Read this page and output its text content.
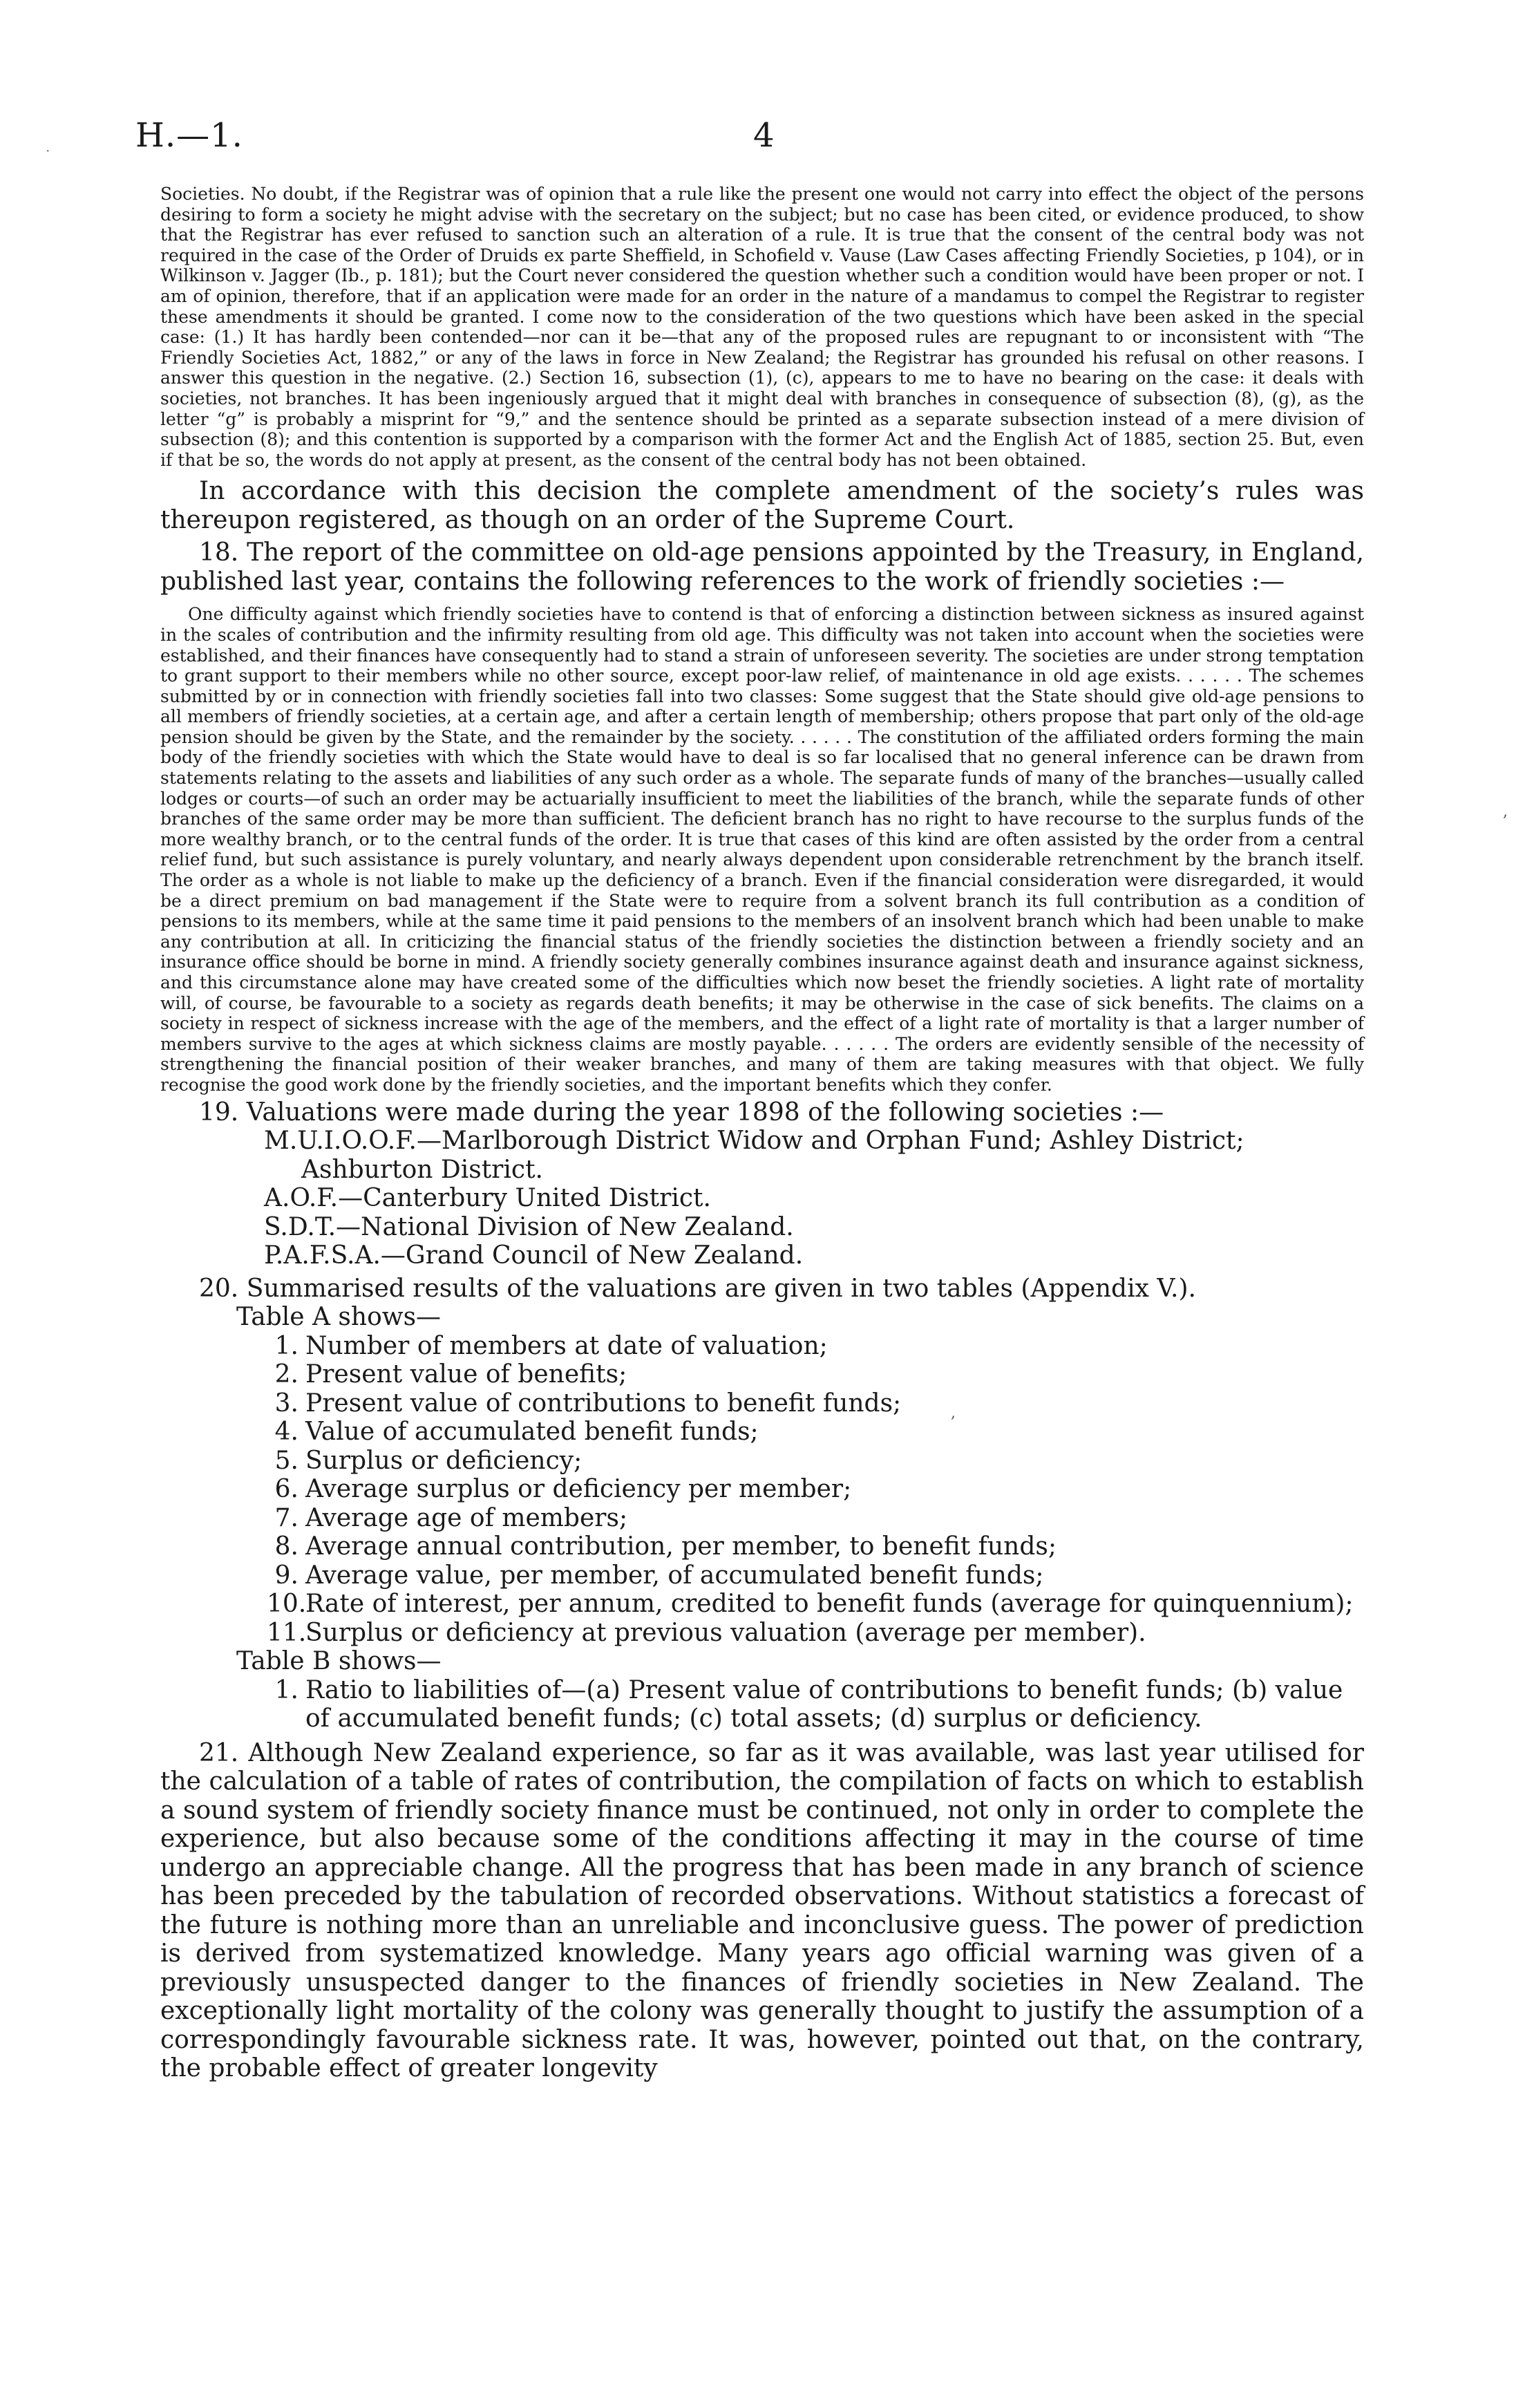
·	H.—1.	4
,
,

Societies. No doubt, if the Registrar was of opinion that a rule like the present one would not carry into effect the object of the persons desiring to form a society he might advise with the secretary on the subject; but no case has been cited, or evidence produced, to show that the Registrar has ever refused to sanction such an alteration of a rule. It is true that the consent of the central body was not required in the case of the Order of Druids ex parte Sheffield, in Schofield v. Vause (Law Cases affecting Friendly Societies, p 104), or in Wilkinson v. Jagger (Ib., p. 181); but the Court never considered the question whether such a condition would have been proper or not. I am of opinion, therefore, that if an application were made for an order in the nature of a mandamus to compel the Registrar to register these amendments it should be granted. I come now to the consideration of the two questions which have been asked in the special case: (1.) It has hardly been contended—nor can it be—that any of the proposed rules are repugnant to or inconsistent with “The Friendly Societies Act, 1882,” or any of the laws in force in New Zealand; the Registrar has grounded his refusal on other reasons. I answer this question in the negative. (2.) Section 16, subsection (1), (c), appears to me to have no bearing on the case: it deals with societies, not branches. It has been ingeniously argued that it might deal with branches in consequence of subsection (8), (g), as the letter “g” is probably a misprint for “9,” and the sentence should be printed as a separate subsection instead of a mere division of subsection (8); and this contention is supported by a comparison with the former Act and the English Act of 1885, section 25. But, even if that be so, the words do not apply at present, as the consent of the central body has not been obtained.

In accordance with this decision the complete amendment of the society’s rules was thereupon registered, as though on an order of the Supreme Court.

18. The report of the committee on old-age pensions appointed by the Treasury, in England, published last year, contains the following references to the work of friendly societies :—

One difficulty against which friendly societies have to contend is that of enforcing a distinction between sickness as insured against in the scales of contribution and the infirmity resulting from old age. This difficulty was not taken into account when the societies were established, and their finances have consequently had to stand a strain of unforeseen severity. The societies are under strong temptation to grant support to their members while no other source, except poor-law relief, of maintenance in old age exists. . . . . . The schemes submitted by or in connection with friendly societies fall into two classes: Some suggest that the State should give old-age pensions to all members of friendly societies, at a certain age, and after a certain length of membership; others propose that part only of the old-age pension should be given by the State, and the remainder by the society. . . . . . The constitution of the affiliated orders forming the main body of the friendly societies with which the State would have to deal is so far localised that no general inference can be drawn from statements relating to the assets and liabilities of any such order as a whole. The separate funds of many of the branches—usually called lodges or courts—of such an order may be actuarially insufficient to meet the liabilities of the branch, while the separate funds of other branches of the same order may be more than sufficient. The deficient branch has no right to have recourse to the surplus funds of the more wealthy branch, or to the central funds of the order. It is true that cases of this kind are often assisted by the order from a central relief fund, but such assistance is purely voluntary, and nearly always dependent upon considerable retrenchment by the branch itself. The order as a whole is not liable to make up the deficiency of a branch. Even if the financial consideration were disregarded, it would be a direct premium on bad management if the State were to require from a solvent branch its full contribution as a condition of pensions to its members, while at the same time it paid pensions to the members of an insolvent branch which had been unable to make any contribution at all. In criticizing the financial status of the friendly societies the distinction between a friendly society and an insurance office should be borne in mind. A friendly society generally combines insurance against death and insurance against sickness, and this circumstance alone may have created some of the difficulties which now beset the friendly societies. A light rate of mortality will, of course, be favourable to a society as regards death benefits; it may be otherwise in the case of sick benefits. The claims on a society in respect of sickness increase with the age of the members, and the effect of a light rate of mortality is that a larger number of members survive to the ages at which sickness claims are mostly payable. . . . . . The orders are evidently sensible of the necessity of strengthening the financial position of their weaker branches, and many of them are taking measures with that object. We fully recognise the good work done by the friendly societies, and the important benefits which they confer.

19. Valuations were made during the year 1898 of the following societies :—

M.U.I.O.O.F.—Marlborough District Widow and Orphan Fund; Ashley District; Ashburton District.
A.O.F.—Canterbury United District.
S.D.T.—National Division of New Zealand.
P.A.F.S.A.—Grand Council of New Zealand.

20. Summarised results of the valuations are given in two tables (Appendix V.).

Table A shows—

1. Number of members at date of valuation;
2. Present value of benefits;
3. Present value of contributions to benefit funds;
4. Value of accumulated benefit funds;
5. Surplus or deficiency;
6. Average surplus or deficiency per member;
7. Average age of members;
8. Average annual contribution, per member, to benefit funds;
9. Average value, per member, of accumulated benefit funds;
10.Rate of interest, per annum, credited to benefit funds (average for quinquennium);
11.Surplus or deficiency at previous valuation (average per member).

Table B shows—

1. Ratio to liabilities of—(a) Present value of contributions to benefit funds; (b) value of accumulated benefit funds; (c) total assets; (d) surplus or deficiency.

21. Although New Zealand experience, so far as it was available, was last year utilised for the calculation of a table of rates of contribution, the compilation of facts on which to establish a sound system of friendly society finance must be continued, not only in order to complete the experience, but also because some of the conditions affecting it may in the course of time undergo an appreciable change. All the progress that has been made in any branch of science has been preceded by the tabulation of recorded observations. Without statistics a forecast of the future is nothing more than an unreliable and inconclusive guess. The power of prediction is derived from systematized knowledge. Many years ago official warning was given of a previously unsuspected danger to the finances of friendly societies in New Zealand. The exceptionally light mortality of the colony was generally thought to justify the assumption of a correspondingly favourable sickness rate. It was, however, pointed out that, on the contrary, the probable effect of greater longevity
